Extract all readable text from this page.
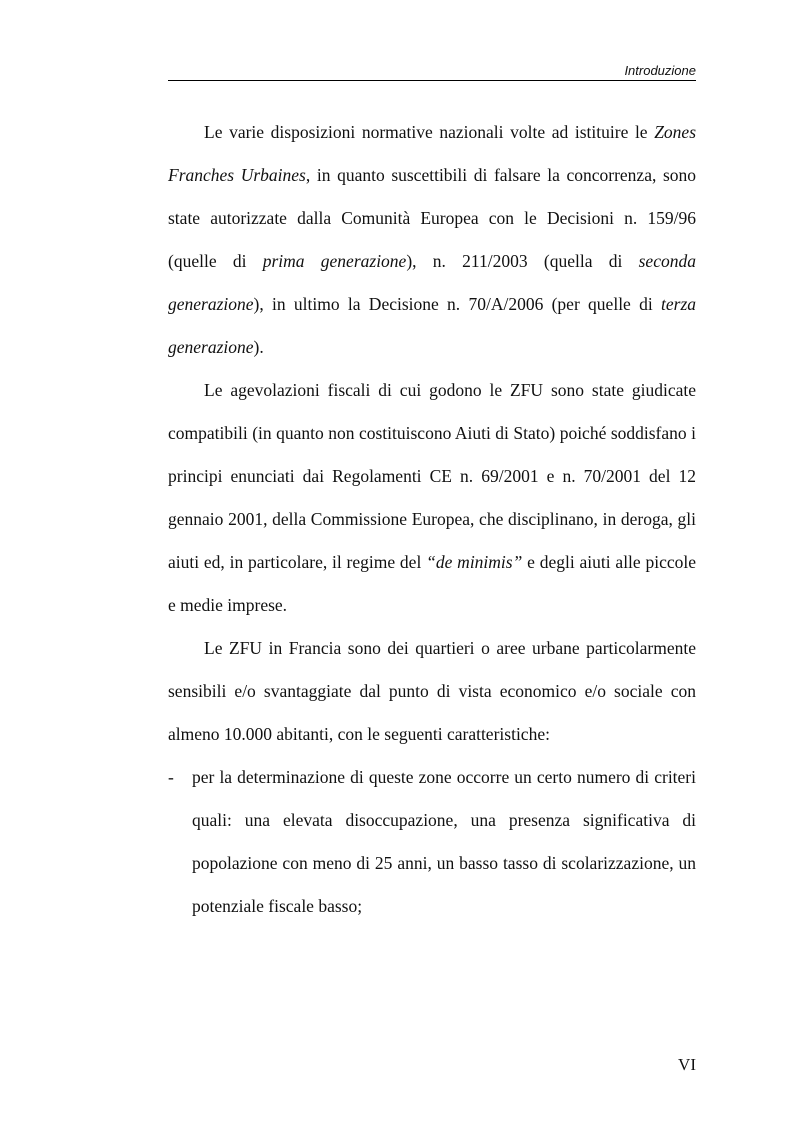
Introduzione

Le varie disposizioni normative nazionali volte ad istituire le Zones Franches Urbaines, in quanto suscettibili di falsare la concorrenza, sono state autorizzate dalla Comunità Europea con le Decisioni n. 159/96 (quelle di prima generazione), n. 211/2003 (quella di seconda generazione), in ultimo la Decisione n. 70/A/2006 (per quelle di terza generazione).

Le agevolazioni fiscali di cui godono le ZFU sono state giudicate compatibili (in quanto non costituiscono Aiuti di Stato) poiché soddisfano i principi enunciati dai Regolamenti CE n. 69/2001 e n. 70/2001 del 12 gennaio 2001, della Commissione Europea, che disciplinano, in deroga, gli aiuti ed, in particolare, il regime del “de minimis” e degli aiuti alle piccole e medie imprese.

Le ZFU in Francia sono dei quartieri o aree urbane particolarmente sensibili e/o svantaggiate dal punto di vista economico e/o sociale con almeno 10.000 abitanti, con le seguenti caratteristiche:

- per la determinazione di queste zone occorre un certo numero di criteri quali: una elevata disoccupazione, una presenza significativa di popolazione con meno di 25 anni, un basso tasso di scolarizzazione, un potenziale fiscale basso;

VI
